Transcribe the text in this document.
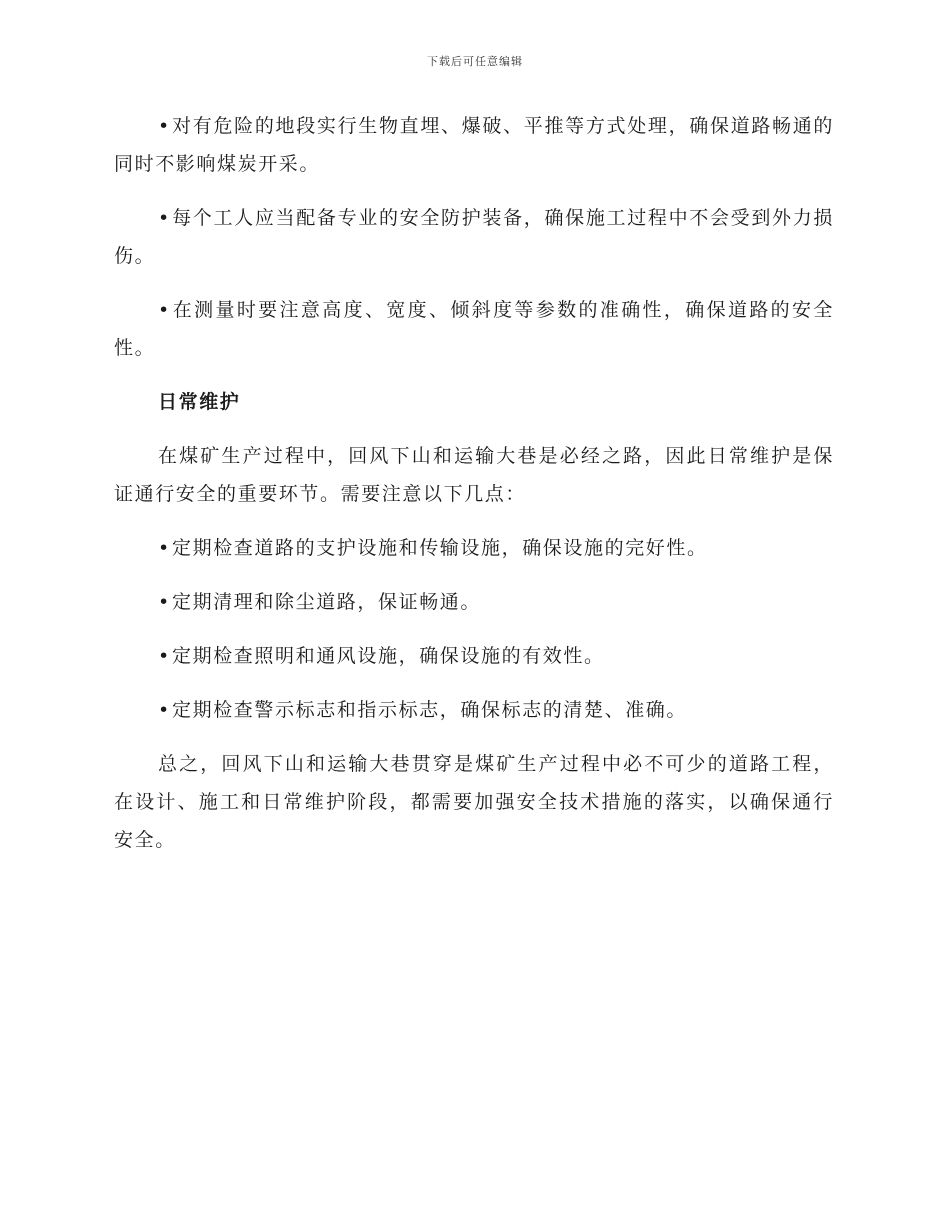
下载后可任意编辑

•对有危险的地段实行生物直埋、爆破、平推等方式处理，确保道路畅通的同时不影响煤炭开采。

•每个工人应当配备专业的安全防护装备，确保施工过程中不会受到外力损伤。

•在测量时要注意高度、宽度、倾斜度等参数的准确性，确保道路的安全性。

日常维护

在煤矿生产过程中，回风下山和运输大巷是必经之路，因此日常维护是保证通行安全的重要环节。需要注意以下几点：

•定期检查道路的支护设施和传输设施，确保设施的完好性。

•定期清理和除尘道路，保证畅通。

•定期检查照明和通风设施，确保设施的有效性。

•定期检查警示标志和指示标志，确保标志的清楚、准确。

总之，回风下山和运输大巷贯穿是煤矿生产过程中必不可少的道路工程，在设计、施工和日常维护阶段，都需要加强安全技术措施的落实，以确保通行安全。
